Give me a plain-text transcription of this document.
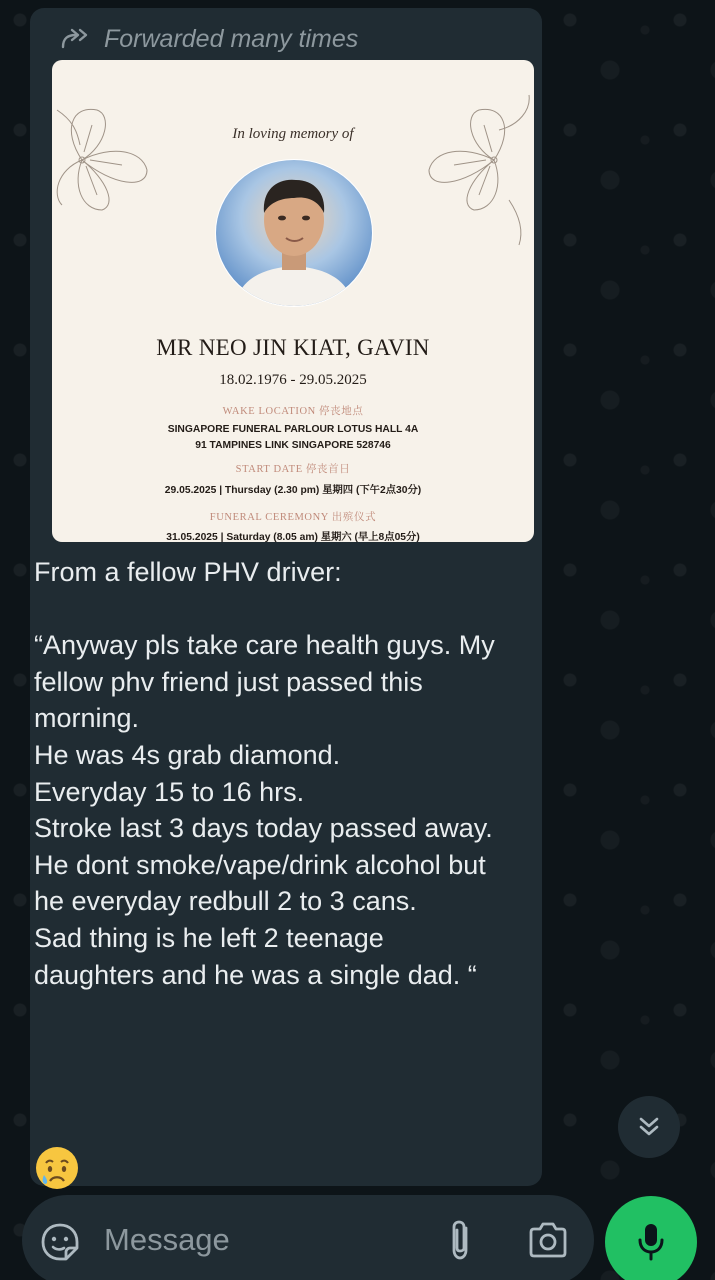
Forwarded many times
In loving memory of
MR NEO JIN KIAT, GAVIN
18.02.1976 - 29.05.2025
WAKE LOCATION 停丧地点
SINGAPORE FUNERAL PARLOUR LOTUS HALL 4A
91 TAMPINES LINK SINGAPORE 528746
START DATE 停丧首日
29.05.2025 | Thursday (2.30 pm) 星期四 (下午2点30分)
FUNERAL CEREMONY 出殡仪式
31.05.2025 | Saturday (8.05 am) 星期六 (早上8点05分)
From a fellow PHV driver:

“Anyway pls take care health guys. My fellow phv friend just passed this morning.
He was 4s grab diamond.
Everyday 15 to 16 hrs.
Stroke last 3 days today passed away.
He dont smoke/vape/drink alcohol but he everyday redbull 2 to 3 cans.
Sad thing is he left 2 teenage daughters and he was a single dad. “
Message
